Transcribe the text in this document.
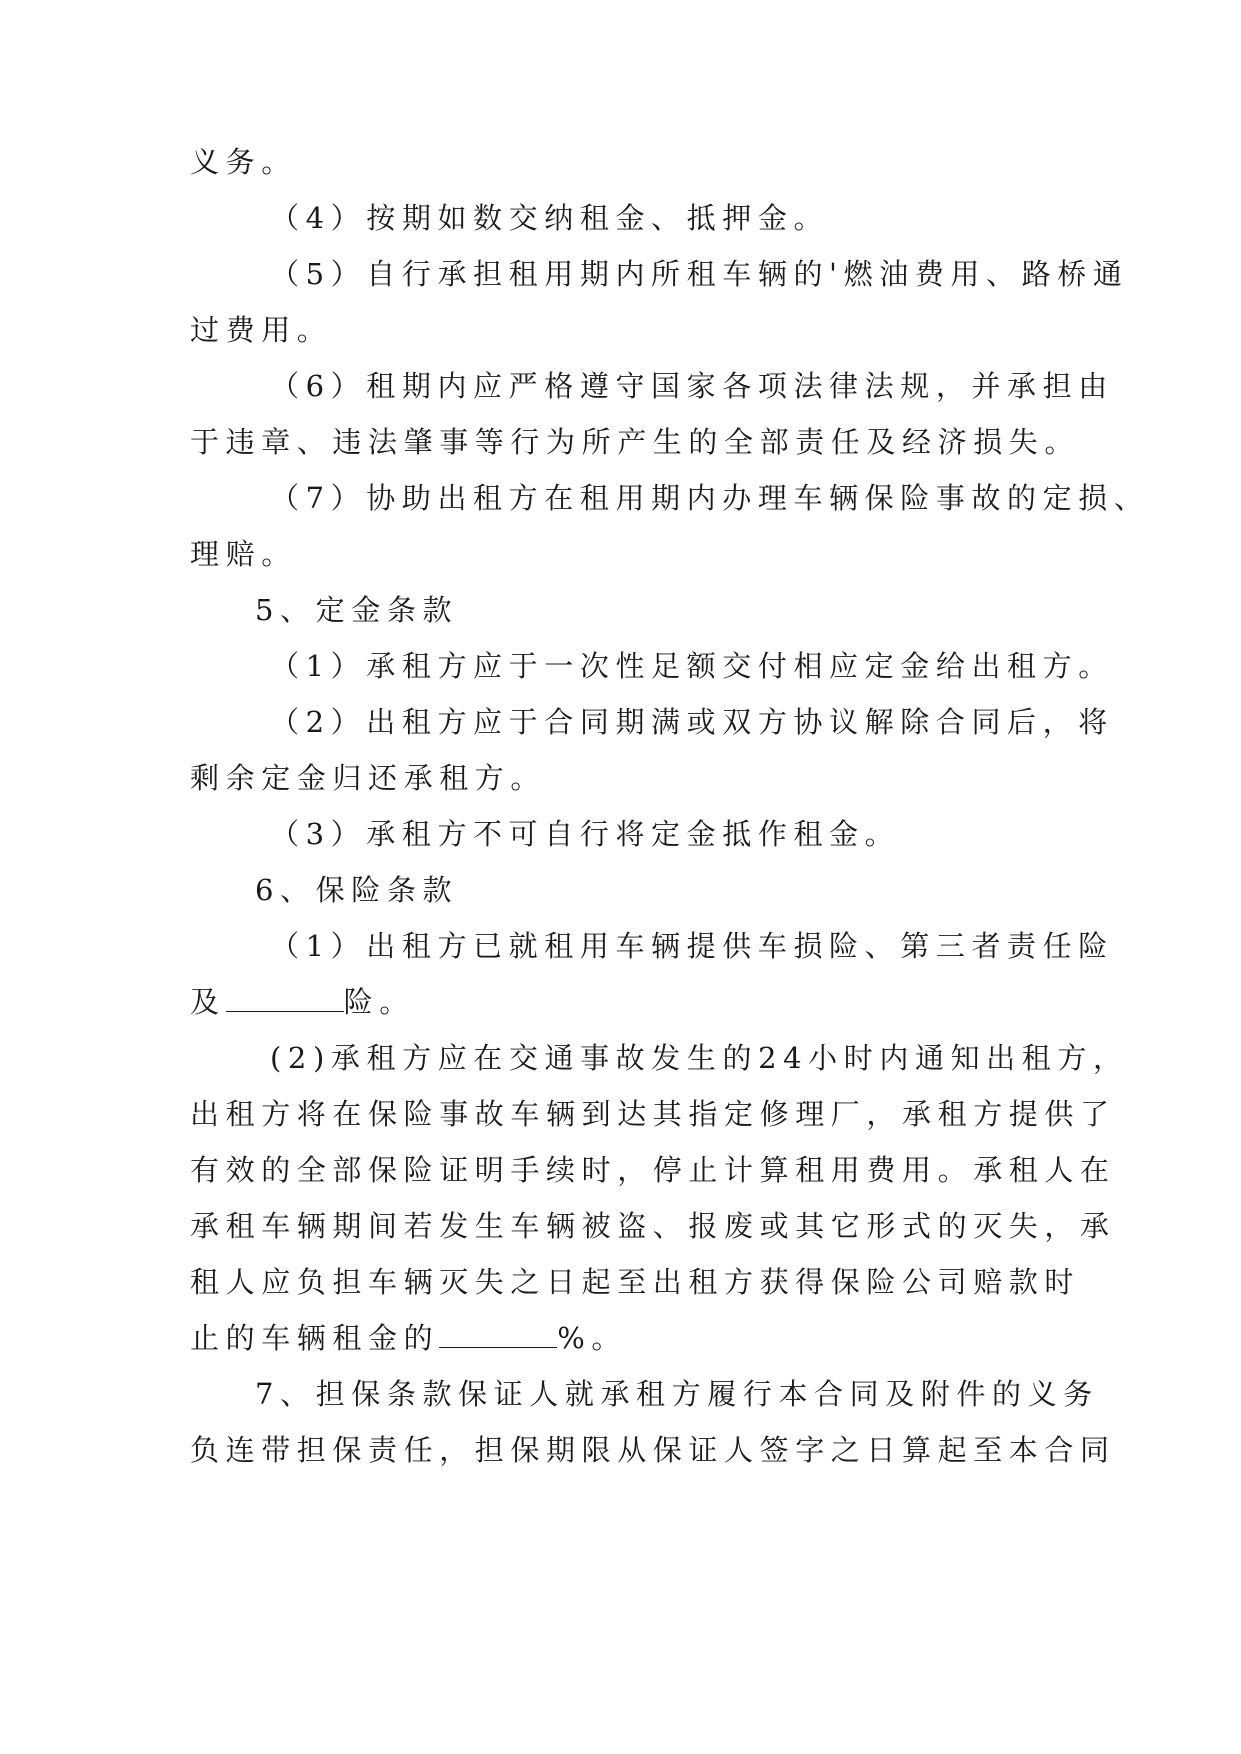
义务。
（4）按期如数交纳租金、抵押金。
（5）自行承担租用期内所租车辆的'燃油费用、路桥通
过费用。
（6）租期内应严格遵守国家各项法律法规，并承担由
于违章、违法肇事等行为所产生的全部责任及经济损失。
（7）协助出租方在租用期内办理车辆保险事故的定损、
理赔。
5、定金条款
（1）承租方应于一次性足额交付相应定金给出租方。
（2）出租方应于合同期满或双方协议解除合同后，将
剩余定金归还承租方。
（3）承租方不可自行将定金抵作租金。
6、保险条款
（1）出租方已就租用车辆提供车损险、第三者责任险
及	险。
(2)承租方应在交通事故发生的24小时内通知出租方，
出租方将在保险事故车辆到达其指定修理厂，承租方提供了
有效的全部保险证明手续时，停止计算租用费用。承租人在
承租车辆期间若发生车辆被盗、报废或其它形式的灭失，承
租人应负担车辆灭失之日起至出租方获得保险公司赔款时
止的车辆租金的	%。
7、担保条款保证人就承租方履行本合同及附件的义务
负连带担保责任，担保期限从保证人签字之日算起至本合同
